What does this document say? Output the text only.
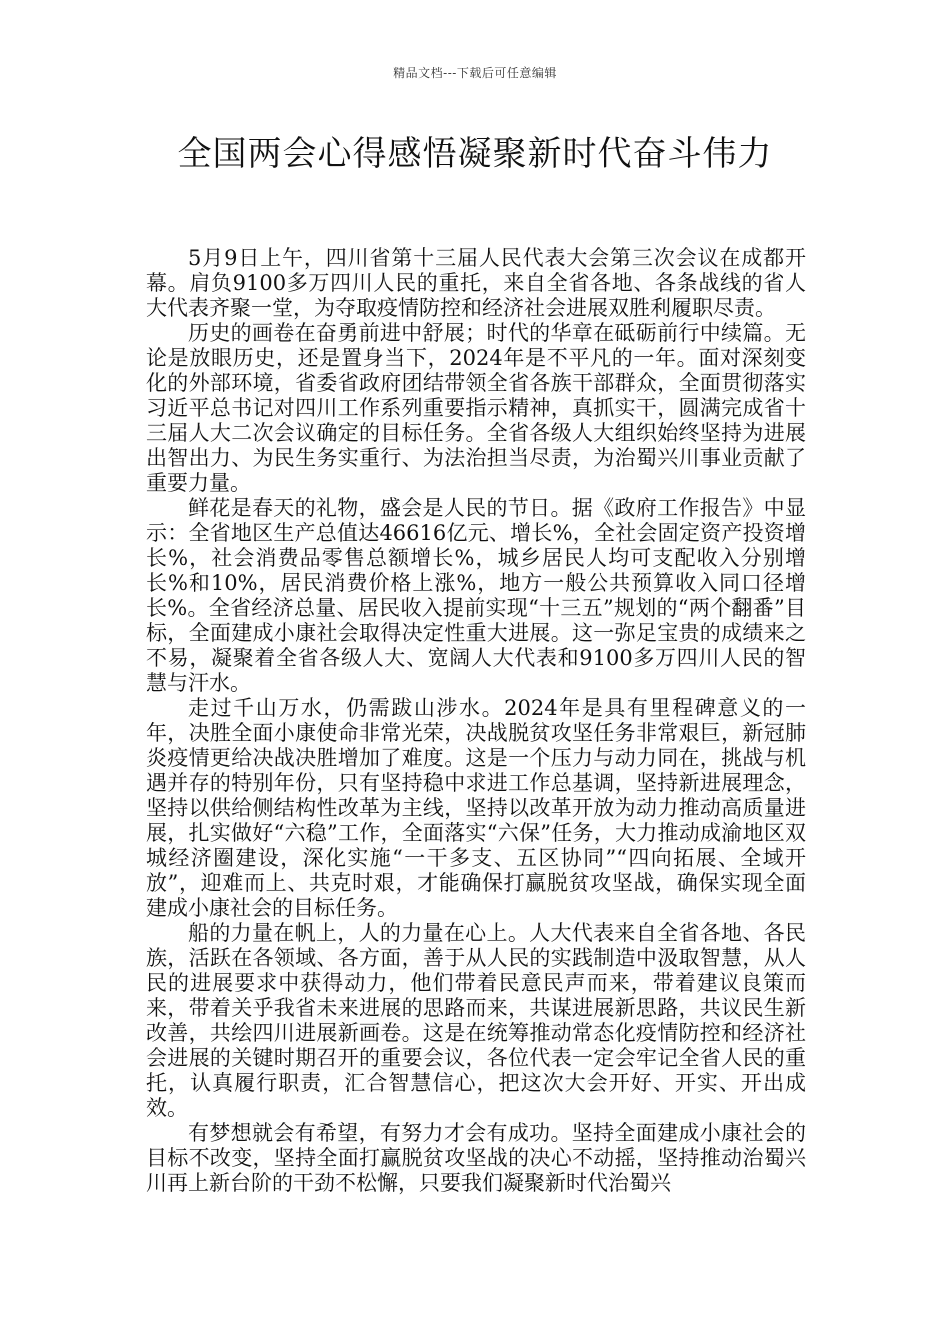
精品文档---下载后可任意编辑
全国两会心得感悟凝聚新时代奋斗伟力

5月9日上午，四川省第十三届人民代表大会第三次会议在成都开幕。肩负9100多万四川人民的重托，来自全省各地、各条战线的省人大代表齐聚一堂，为夺取疫情防控和经济社会进展双胜利履职尽责。

历史的画卷在奋勇前进中舒展；时代的华章在砥砺前行中续篇。无论是放眼历史，还是置身当下，2024年是不平凡的一年。面对深刻变化的外部环境，省委省政府团结带领全省各族干部群众，全面贯彻落实习近平总书记对四川工作系列重要指示精神，真抓实干，圆满完成省十三届人大二次会议确定的目标任务。全省各级人大组织始终坚持为进展出智出力、为民生务实重行、为法治担当尽责，为治蜀兴川事业贡献了重要力量。

鲜花是春天的礼物，盛会是人民的节日。据《政府工作报告》中显示：全省地区生产总值达46616亿元、增长%，全社会固定资产投资增长%，社会消费品零售总额增长%，城乡居民人均可支配收入分别增长%和10%，居民消费价格上涨%，地方一般公共预算收入同口径增长%。全省经济总量、居民收入提前实现“十三五”规划的“两个翻番”目标，全面建成小康社会取得决定性重大进展。这一弥足宝贵的成绩来之不易，凝聚着全省各级人大、宽阔人大代表和9100多万四川人民的智慧与汗水。

走过千山万水，仍需跋山涉水。2024年是具有里程碑意义的一年，决胜全面小康使命非常光荣，决战脱贫攻坚任务非常艰巨，新冠肺炎疫情更给决战决胜增加了难度。这是一个压力与动力同在，挑战与机遇并存的特别年份，只有坚持稳中求进工作总基调，坚持新进展理念，坚持以供给侧结构性改革为主线，坚持以改革开放为动力推动高质量进展，扎实做好“六稳”工作，全面落实“六保”任务，大力推动成渝地区双城经济圈建设，深化实施“一干多支、五区协同”“四向拓展、全域开放”，迎难而上、共克时艰，才能确保打赢脱贫攻坚战，确保实现全面建成小康社会的目标任务。

船的力量在帆上，人的力量在心上。人大代表来自全省各地、各民族，活跃在各领域、各方面，善于从人民的实践制造中汲取智慧，从人民的进展要求中获得动力，他们带着民意民声而来，带着建议良策而来，带着关乎我省未来进展的思路而来，共谋进展新思路，共议民生新改善，共绘四川进展新画卷。这是在统筹推动常态化疫情防控和经济社会进展的关键时期召开的重要会议，各位代表一定会牢记全省人民的重托，认真履行职责，汇合智慧信心，把这次大会开好、开实、开出成效。

有梦想就会有希望，有努力才会有成功。坚持全面建成小康社会的目标不改变，坚持全面打赢脱贫攻坚战的决心不动摇，坚持推动治蜀兴川再上新台阶的干劲不松懈，只要我们凝聚新时代治蜀兴
